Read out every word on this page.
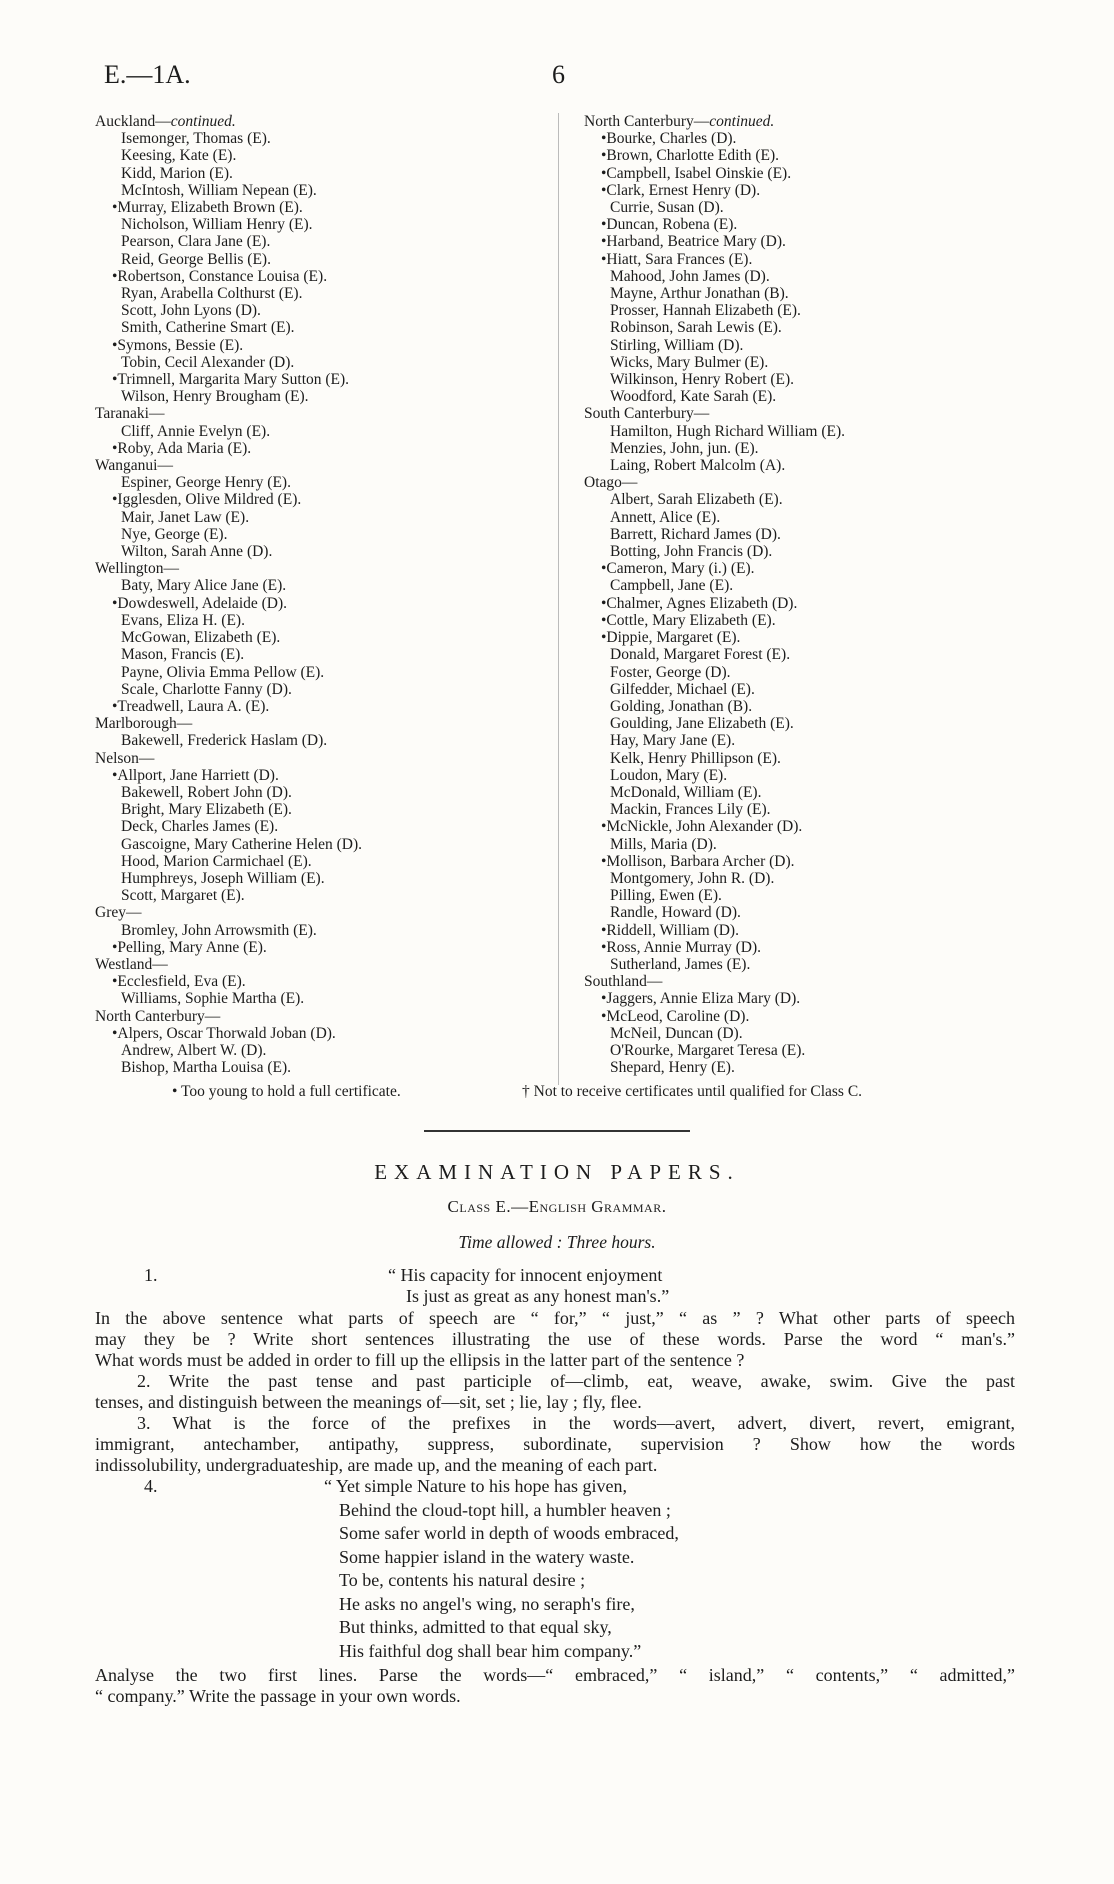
E.—1A.	6
Auckland—continued.
Isemonger, Thomas (E).
Keesing, Kate (E).
Kidd, Marion (E).
McIntosh, William Nepean (E).
•Murray, Elizabeth Brown (E).
Nicholson, William Henry (E).
Pearson, Clara Jane (E).
Reid, George Bellis (E).
•Robertson, Constance Louisa (E).
Ryan, Arabella Colthurst (E).
Scott, John Lyons (D).
Smith, Catherine Smart (E).
•Symons, Bessie (E).
Tobin, Cecil Alexander (D).
•Trimnell, Margarita Mary Sutton (E).
Wilson, Henry Brougham (E).
Taranaki—
Cliff, Annie Evelyn (E).
•Roby, Ada Maria (E).
Wanganui—
Espiner, George Henry (E).
•Igglesden, Olive Mildred (E).
Mair, Janet Law (E).
Nye, George (E).
Wilton, Sarah Anne (D).
Wellington—
Baty, Mary Alice Jane (E).
•Dowdeswell, Adelaide (D).
Evans, Eliza H. (E).
McGowan, Elizabeth (E).
Mason, Francis (E).
Payne, Olivia Emma Pellow (E).
Scale, Charlotte Fanny (D).
•Treadwell, Laura A. (E).
Marlborough—
Bakewell, Frederick Haslam (D).
Nelson—
•Allport, Jane Harriett (D).
Bakewell, Robert John (D).
Bright, Mary Elizabeth (E).
Deck, Charles James (E).
Gascoigne, Mary Catherine Helen (D).
Hood, Marion Carmichael (E).
Humphreys, Joseph William (E).
Scott, Margaret (E).
Grey—
Bromley, John Arrowsmith (E).
•Pelling, Mary Anne (E).
Westland—
•Ecclesfield, Eva (E).
Williams, Sophie Martha (E).
North Canterbury—
•Alpers, Oscar Thorwald Joban (D).
Andrew, Albert W. (D).
Bishop, Martha Louisa (E).
North Canterbury—continued.
•Bourke, Charles (D).
•Brown, Charlotte Edith (E).
•Campbell, Isabel Oinskie (E).
•Clark, Ernest Henry (D).
Currie, Susan (D).
•Duncan, Robena (E).
•Harband, Beatrice Mary (D).
•Hiatt, Sara Frances (E).
Mahood, John James (D).
Mayne, Arthur Jonathan (B).
Prosser, Hannah Elizabeth (E).
Robinson, Sarah Lewis (E).
Stirling, William (D).
Wicks, Mary Bulmer (E).
Wilkinson, Henry Robert (E).
Woodford, Kate Sarah (E).
South Canterbury—
Hamilton, Hugh Richard William (E).
Menzies, John, jun. (E).
Laing, Robert Malcolm (A).
Otago—
Albert, Sarah Elizabeth (E).
Annett, Alice (E).
Barrett, Richard James (D).
Botting, John Francis (D).
•Cameron, Mary (i.) (E).
Campbell, Jane (E).
•Chalmer, Agnes Elizabeth (D).
•Cottle, Mary Elizabeth (E).
•Dippie, Margaret (E).
Donald, Margaret Forest (E).
Foster, George (D).
Gilfedder, Michael (E).
Golding, Jonathan (B).
Goulding, Jane Elizabeth (E).
Hay, Mary Jane (E).
Kelk, Henry Phillipson (E).
Loudon, Mary (E).
McDonald, William (E).
Mackin, Frances Lily (E).
•McNickle, John Alexander (D).
Mills, Maria (D).
•Mollison, Barbara Archer (D).
Montgomery, John R. (D).
Pilling, Ewen (E).
Randle, Howard (D).
•Riddell, William (D).
•Ross, Annie Murray (D).
Sutherland, James (E).
Southland—
•Jaggers, Annie Eliza Mary (D).
•McLeod, Caroline (D).
McNeil, Duncan (D).
O'Rourke, Margaret Teresa (E).
Shepard, Henry (E).
• Too young to hold a full certificate.	† Not to receive certificates until qualified for Class C.
EXAMINATION PAPERS.
Class E.—English Grammar.
Time allowed : Three hours.
1.	“ His capacity for innocent enjoyment
Is just as great as any honest man's.”
In the above sentence what parts of speech are “ for,” “ just,” “ as ” ? What other parts of speech
may they be ? Write short sentences illustrating the use of these words. Parse the word “ man's.”
What words must be added in order to fill up the ellipsis in the latter part of the sentence ?
2. Write the past tense and past participle of—climb, eat, weave, awake, swim. Give the past
tenses, and distinguish between the meanings of—sit, set ; lie, lay ; fly, flee.
3. What is the force of the prefixes in the words—avert, advert, divert, revert, emigrant,
immigrant, antechamber, antipathy, suppress, subordinate, supervision ? Show how the words
indissolubility, undergraduateship, are made up, and the meaning of each part.
4.	“ Yet simple Nature to his hope has given,
Behind the cloud-topt hill, a humbler heaven ;
Some safer world in depth of woods embraced,
Some happier island in the watery waste.
To be, contents his natural desire ;
He asks no angel's wing, no seraph's fire,
But thinks, admitted to that equal sky,
His faithful dog shall bear him company.”
Analyse the two first lines. Parse the words—“ embraced,” “ island,” “ contents,” “ admitted,”
“ company.” Write the passage in your own words.
